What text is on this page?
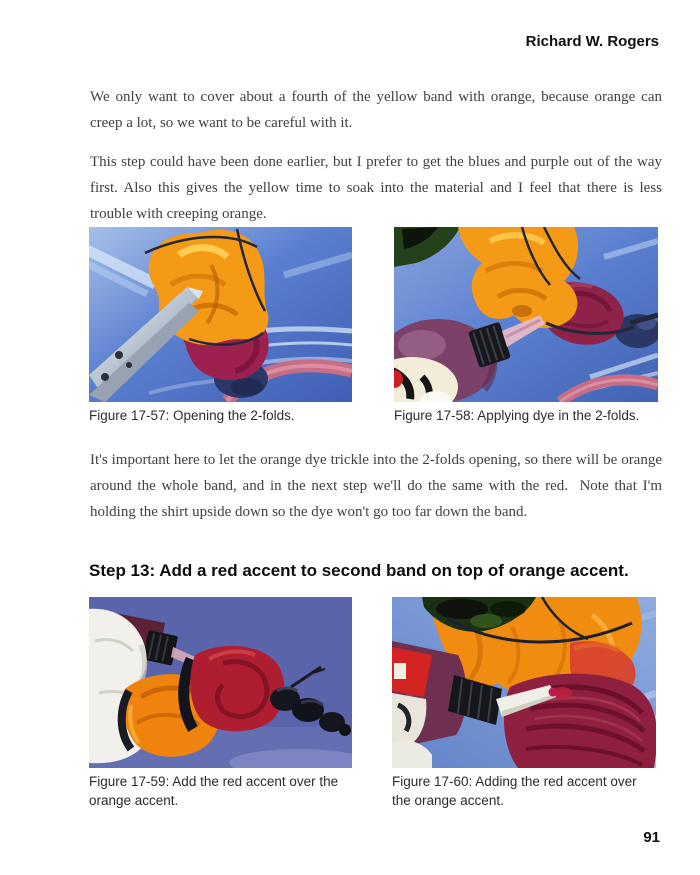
Richard W. Rogers
We only want to cover about a fourth of the yellow band with orange, because orange can creep a lot, so we want to be careful with it.
This step could have been done earlier, but I prefer to get the blues and purple out of the way first. Also this gives the yellow time to soak into the material and I feel that there is less trouble with creeping orange.
Figure 17-57: Opening the 2-folds.	Figure 17-58: Applying dye in the 2-folds.
It's important here to let the orange dye trickle into the 2-folds opening, so there will be orange around the whole band, and in the next step we'll do the same with the red.  Note that I'm holding the shirt upside down so the dye won't go too far down the band.
Step 13: Add a red accent to second band on top of orange accent.
Figure 17-59: Add the red accent over the orange accent.
Figure 17-60: Adding the red accent over the orange accent.
91
